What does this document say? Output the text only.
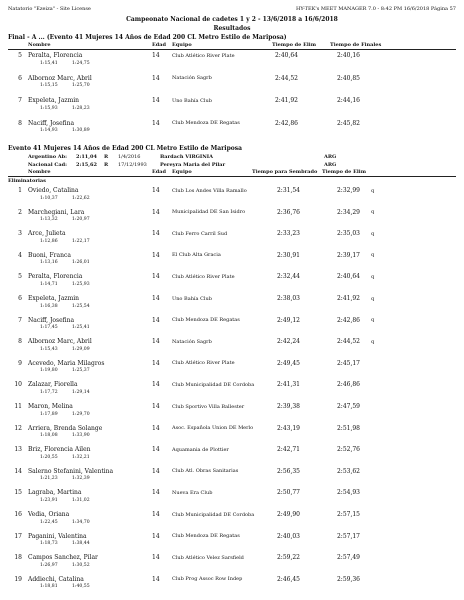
Natatorio "Ezeiza" - Site License	HY-TEK's MEET MANAGER 7.0 - 8:42 PM 16/6/2018 Página 57
Campeonato Nacional de cadetes 1 y 2 - 13/6/2018 a 16/6/2018
Resultados
Final - A ... (Evento 41 Mujeres 14 Años de Edad 200 CL Metro Estilo de Mariposa)
Nombre	Edad Equipo	Tiempo de Elim	Tiempo de Finales
5 Peralta, Florencia	14 Club Atlético River Plate	2:40,64	2:40,16
1:15,41	1:24,75
6 Albornoz Marc, Abril	14 Natación Sagrb	2:44,52	2:40,85
1:15,15	1:25,70
7 Expeleta, Jazmin	14 Uno Bahía Club	2:41,92	2:44,16
1:15,93	1:28,23
8 Naciff, Josefina	14 Club Mendoza DE Regatas	2:42,86	2:45,82
1:14,93	1:30,89
Evento 41 Mujeres 14 Años de Edad 200 CL Metro Estilo de Mariposa
Argentino Ab: 2:11,04 R 1/4/2016	Bardach VIRGINIA	ARG
Nacional Cad: 2:15,62 R 17/12/1993	Pereyra Maria del Pilar	ARG
Nombre	Edad Equipo	Tiempo para Sembrado Tiempo de Elim
Eliminatorias
1 Oviedo, Catalina	14 Club Los Andes Villa Ramallo	2:31,54	2:32,99 q
1:10,37	1:22,62
2 Marchegiani, Lara	14 Municipalidad DE San Isidro	2:36,76	2:34,29 q
1:13,32	1:20,97
3 Arce, Julieta	14 Club Ferro Carril Sud	2:33,23	2:35,03 q
1:12,86	1:22,17
4 Buoni, Franca	14 El Club Alta Gracia	2:30,91	2:39,17 q
1:13,16	1:26,01
5 Peralta, Florencia	14 Club Atlético River Plate	2:32,44	2:40,64 q
1:14,71	1:25,93
6 Expeleta, Jazmin	14 Uno Bahía Club	2:38,03	2:41,92 q
1:16,38	1:25,54
7 Naciff, Josefina	14 Club Mendoza DE Regatas	2:49,12	2:42,86 q
1:17,45	1:25,41
8 Albornoz Marc, Abril	14 Natación Sagrb	2:42,24	2:44,52 q
1:15,43	1:29,09
9 Acevedo, Maria Milagros	14 Club Atlético River Plate	2:49,45	2:45,17
1:19,80	1:25,37
10 Zalazar, Fiorella	14 Club Municipalidad DE Cordoba	2:41,31	2:46,86
1:17,72	1:29,14
11 Maron, Melina	14 Club Sportivo Villa Ballester	2:39,38	2:47,59
1:17,89	1:29,70
12 Arriera, Brenda Solange	14 Asoc. Española Union DE Merlo	2:43,19	2:51,98
1:18,08	1:33,90
13 Briz, Florencia Ailen	14 Aquamania de Plottier	2:42,71	2:52,76
1:20,55	1:32,21
14 Salerno Stefanini, Valentina	14 Club Atl. Obras Sanitarias	2:56,35	2:53,62
1:21,23	1:32,39
15 Lagraba, Martina	14 Nueva Era Club	2:50,77	2:54,93
1:23,91	1:31,02
16 Vedia, Oriana	14 Club Municipalidad DE Cordoba	2:49,90	2:57,15
1:22,45	1:34,70
17 Paganini, Valentina	14 Club Mendoza DE Regatas	2:40,03	2:57,17
1:18,73	1:38,44
18 Campos Sanchez, Pilar	14 Club Atlético Velez Sarsfield	2:59,22	2:57,49
1:26,97	1:30,52
19 Addiechi, Catalina	14 Club Prog Assoc Row Indep	2:46,45	2:59,36
1:18,81	1:40,55
